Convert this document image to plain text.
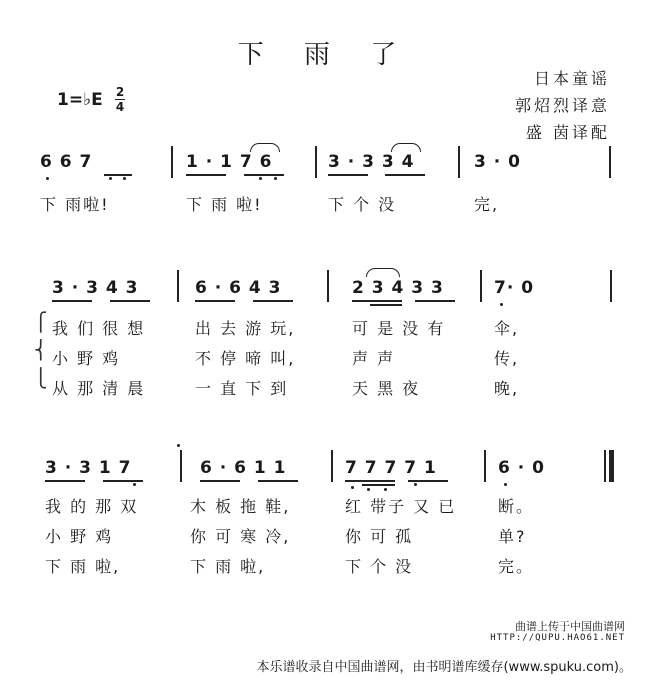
下 雨 了
日本童谣
郭炤烈译意
盛 茵译配
1=♭E $\frac{2}{4}$
6 6 7	1 · 1 7 6	3 · 3 3 4	3 · 0
下 雨啦!	下 雨 啦!	下 个 没	完,
3 · 3 4 3	6 · 6 4 3	2 3 4 3 3	7· 0
⎧
⎨
⎩
我 们 很 想	出 去 游 玩,	可 是 没 有	伞,
小 野 鸡	不 停 啼 叫,	声 声	传,
从 那 清 晨	一 直 下 到	天 黑 夜	晚,
3 · 3 1 7	6 · 6 1 1	7 7 7 7 1	6 · 0
我 的 那 双	木 板 拖 鞋,	红 带子 又 已	断。
小 野 鸡	你 可 寒 冷,	你 可 孤	单?
下 雨 啦,	下 雨 啦,	下 个 没	完。
曲谱上传于中国曲谱网
HTTP://QUPU.HAO61.NET
本乐谱收录自中国曲谱网，由书明谱库缓存(www.spuku.com)。
